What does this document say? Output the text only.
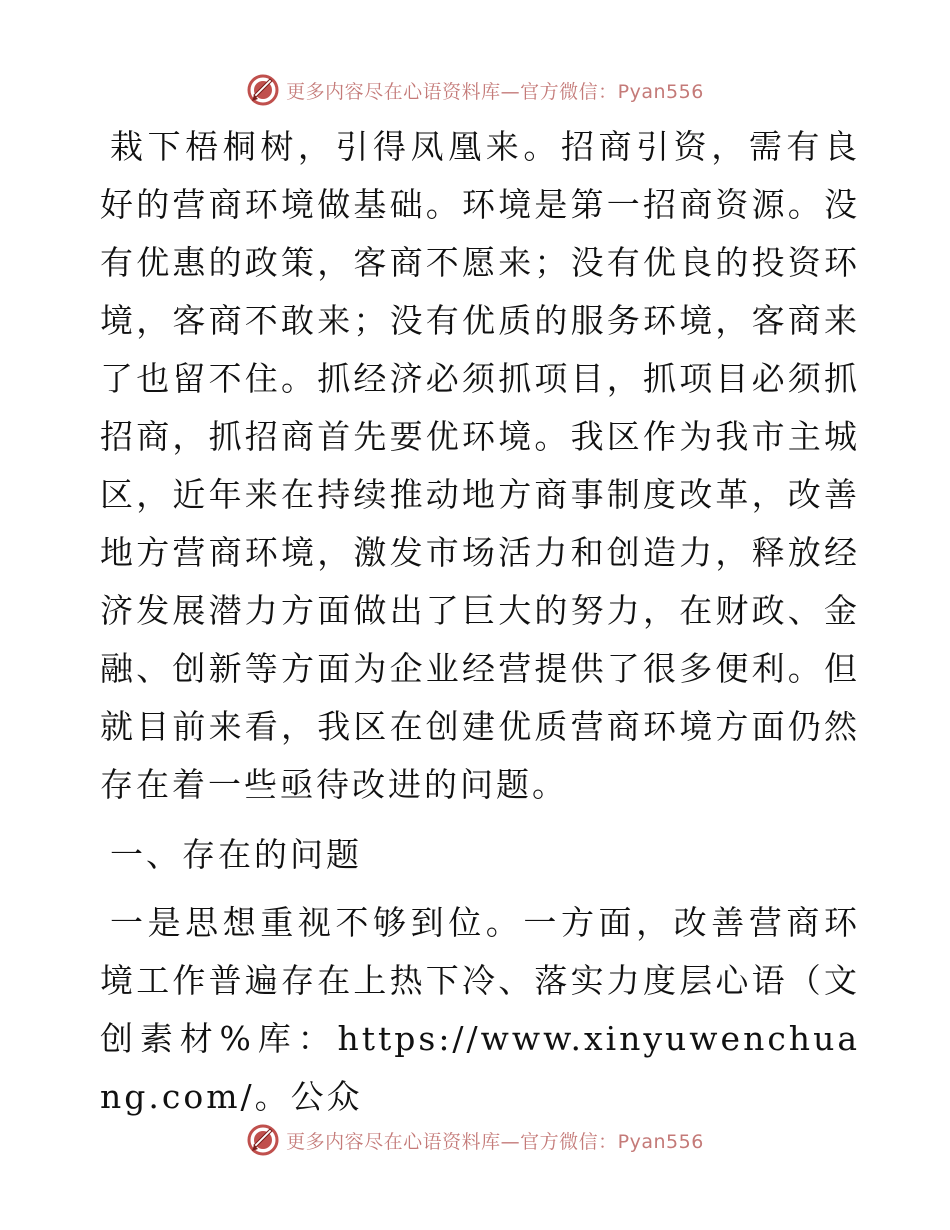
更多内容尽在心语资料库—官方微信：Pyan556

栽下梧桐树，引得凤凰来。招商引资，需有良好的营商环境做基础。环境是第一招商资源。没有优惠的政策，客商不愿来；没有优良的投资环境，客商不敢来；没有优质的服务环境，客商来了也留不住。抓经济必须抓项目，抓项目必须抓招商，抓招商首先要优环境。我区作为我市主城区，近年来在持续推动地方商事制度改革，改善地方营商环境，激发市场活力和创造力，释放经济发展潜力方面做出了巨大的努力，在财政、金融、创新等方面为企业经营提供了很多便利。但就目前来看，我区在创建优质营商环境方面仍然存在着一些亟待改进的问题。

一、存在的问题

一是思想重视不够到位。一方面，改善营商环境工作普遍存在上热下冷、落实力度层心语（文创素材%库：https://www.xinyuwenchuang.com/。公众

更多内容尽在心语资料库—官方微信：Pyan556
